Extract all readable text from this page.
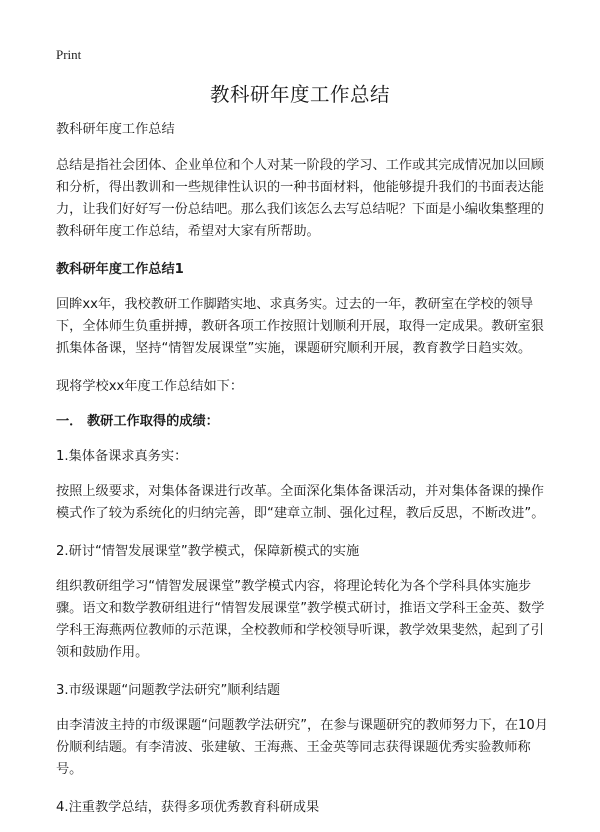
Print
教科研年度工作总结

教科研年度工作总结

总结是指社会团体、企业单位和个人对某一阶段的学习、工作或其完成情况加以回顾和分析，得出教训和一些规律性认识的一种书面材料，他能够提升我们的书面表达能力，让我们好好写一份总结吧。那么我们该怎么去写总结呢？下面是小编收集整理的教科研年度工作总结，希望对大家有所帮助。

教科研年度工作总结1

回眸xx年，我校教研工作脚踏实地、求真务实。过去的一年，教研室在学校的领导下，全体师生负重拼搏，教研各项工作按照计划顺利开展，取得一定成果。教研室狠抓集体备课，坚持“情智发展课堂”实施，课题研究顺利开展，教育教学日趋实效。

现将学校xx年度工作总结如下：

一． 教研工作取得的成绩：

1.集体备课求真务实：

按照上级要求，对集体备课进行改革。全面深化集体备课活动，并对集体备课的操作模式作了较为系统化的归纳完善，即“建章立制、强化过程，教后反思，不断改进”。

2.研讨“情智发展课堂”教学模式，保障新模式的实施

组织教研组学习“情智发展课堂”教学模式内容，将理论转化为各个学科具体实施步骤。语文和数学教研组进行“情智发展课堂”教学模式研讨，推语文学科王金英、数学学科王海燕两位教师的示范课，全校教师和学校领导听课，教学效果斐然，起到了引领和鼓励作用。

3.市级课题“问题教学法研究”顺利结题

由李清波主持的市级课题“问题教学法研究”，在参与课题研究的教师努力下，在10月份顺利结题。有李清波、张建敏、王海燕、王金英等同志获得课题优秀实验教师称号。

4.注重教学总结，获得多项优秀教育科研成果
